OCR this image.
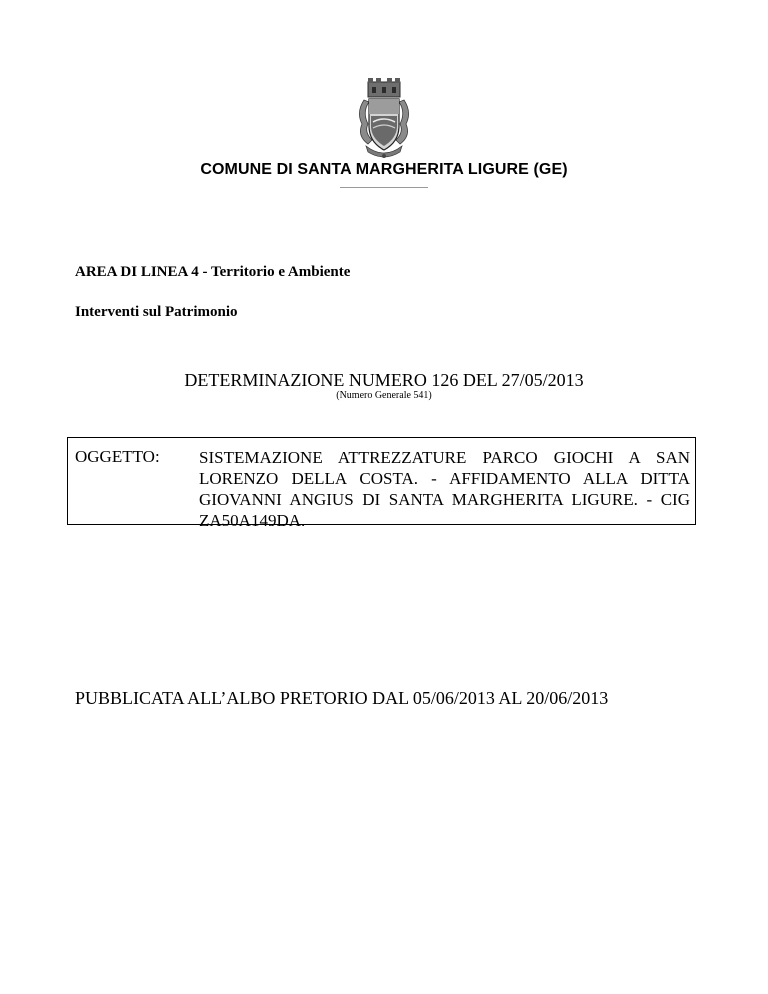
COMUNE DI SANTA MARGHERITA LIGURE (GE)
AREA DI LINEA 4 - Territorio e Ambiente
Interventi sul Patrimonio
DETERMINAZIONE NUMERO 126 DEL 27/05/2013
(Numero Generale 541)
OGGETTO: SISTEMAZIONE ATTREZZATURE PARCO GIOCHI A SAN LORENZO DELLA COSTA. - AFFIDAMENTO ALLA DITTA GIOVANNI ANGIUS DI SANTA MARGHERITA LIGURE. - CIG ZA50A149DA.
PUBBLICATA ALL’ALBO PRETORIO DAL 05/06/2013 AL 20/06/2013
